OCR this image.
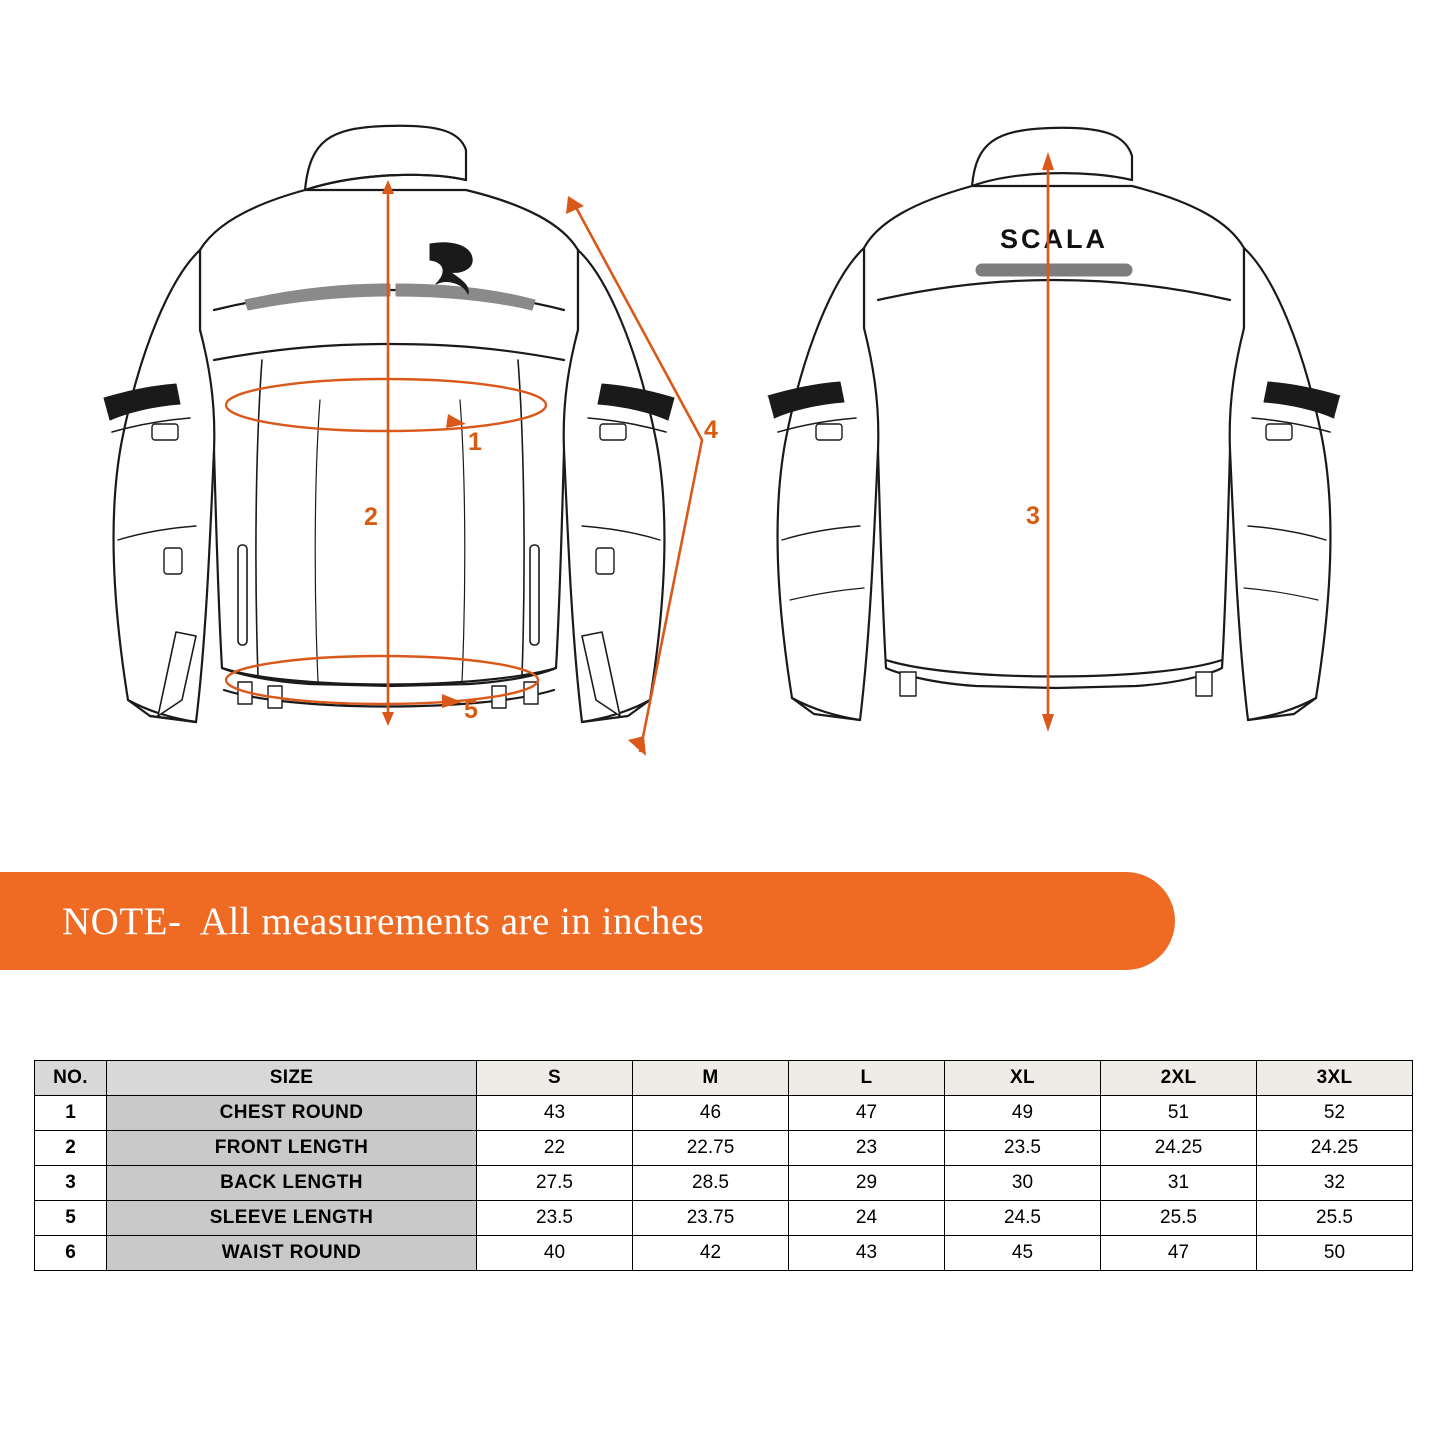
1
2
4
5
SCALA
3
NOTE-  All measurements are in inches
NO.	SIZE	S	M	L	XL	2XL	3XL
1	CHEST ROUND	43	46	47	49	51	52
2	FRONT LENGTH	22	22.75	23	23.5	24.25	24.25
3	BACK LENGTH	27.5	28.5	29	30	31	32
5	SLEEVE LENGTH	23.5	23.75	24	24.5	25.5	25.5
6	WAIST ROUND	40	42	43	45	47	50
